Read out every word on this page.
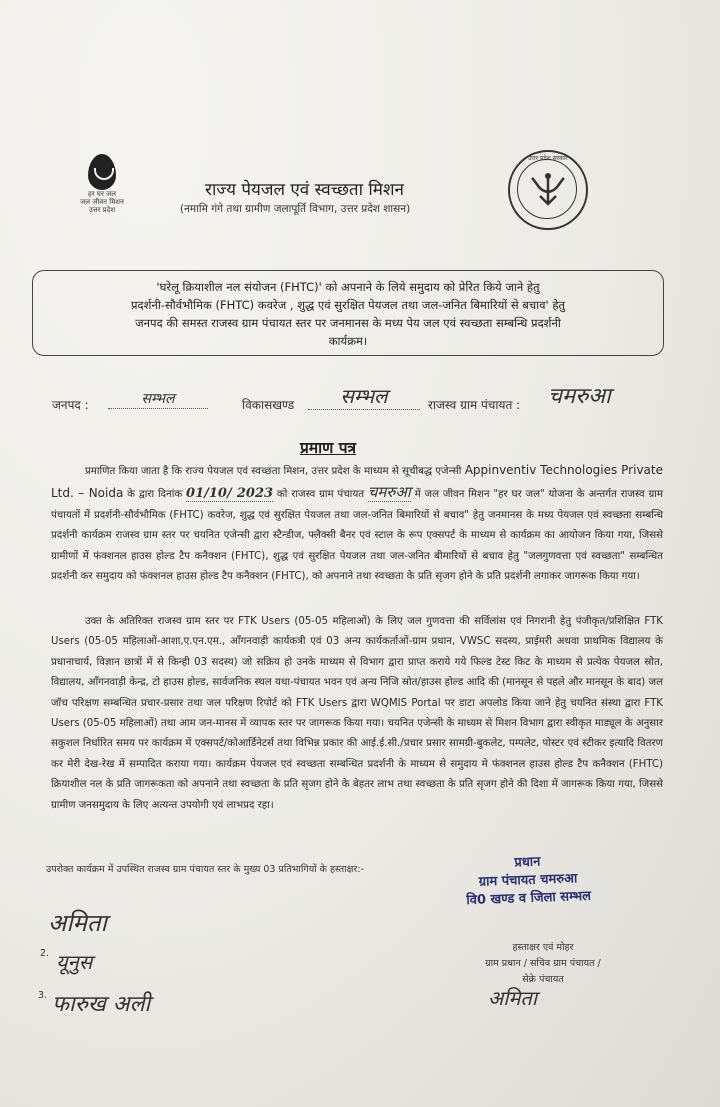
हर घर जल
जल जीवन मिशन
उत्तर प्रदेश
राज्य पेयजल एवं स्वच्छता मिशन
(नमामि गंगे तथा ग्रामीण जलापूर्ति विभाग, उत्तर प्रदेश शासन)
उत्तर प्रदेश सरकार
'घरेलू क्रियाशील नल संयोजन (FHTC)' को अपनाने के लिये समुदाय को प्रेरित किये जाने हेतु
प्रदर्शनी-सौर्वभौमिक (FHTC) कवरेज , शुद्ध एवं सुरक्षित पेयजल तथा जल-जनित बिमारियों से बचाव' हेतु
जनपद की समस्त राजस्व ग्राम पंचायत स्तर पर जनमानस के मध्य पेय जल एवं स्वच्छता सम्बन्धि प्रदर्शनी
कार्यक्रम।
जनपद :	सम्भल	विकासखण्ड	सम्भल	राजस्व ग्राम पंचायत : चमरुआ
प्रमाण पत्र

प्रमाणित किया जाता है कि राज्य पेयजल एवं स्वच्छता मिशन, उत्तर प्रदेश के माध्यम से सूचीबद्ध एजेन्सी Appinventiv Technologies Private Ltd. – Noida के द्वारा दिनांक 01/10/ 2023 को राजस्व ग्राम पंचायत चमरुआ में जल जीवन मिशन "हर घर जल" योजना के अन्तर्गत राजस्व ग्राम पंचायतों में प्रदर्शनी-सौर्वभौमिक (FHTC) कवरेज, शुद्ध एवं सुरक्षित पेयजल तथा जल-जनित बिमारियों से बचाव" हेतु जनमानस के मध्य पेयजल एवं स्वच्छता सम्बन्धि प्रदर्शनी कार्यक्रम राजस्व ग्राम स्तर पर चयनित एजेन्सी द्वारा स्टैन्डीज, फ्लैक्सी बैनर एवं स्टाल के रूप एक्सपर्ट के माध्यम से कार्यक्रम का आयोजन किया गया, जिससे ग्रामीणों में फंक्शनल हाउस होल्ड टैप कनैक्शन (FHTC), शुद्ध एवं सुरक्षित पेयजल तथा जल-जनित बीमारियों से बचाव हेतु "जलगुणवत्ता एवं स्वच्छता" सम्बन्धित प्रदर्शनी कर समुदाय को फंक्शनल हाउस होल्ड टैप कनैक्शन (FHTC), को अपनाने तथा स्वच्छता के प्रति सृजग होने के प्रति प्रदर्शनी लगाकर जागरूक किया गया।

उक्त के अतिरिक्त राजस्व ग्राम स्तर पर FTK Users (05-05 महिलाओं) के लिए जल गुणवत्ता की सर्विलांस एवं निगरानी हेतु पंजीकृत/प्रशिक्षित FTK Users (05-05 महिलाओं-आशा,ए.एन.एम., आँगनवाड़ी कार्यकत्री एवं 03 अन्य कार्यकर्ताओं-ग्राम प्रधान, VWSC सदस्य, प्राईमरी अथवा प्राथमिक विद्यालय के प्रधानाचार्य, विज्ञान छात्रों में से किन्ही 03 सदस्य) जो सक्रिय हो उनके माध्यम से विभाग द्वारा प्राप्त कराये गये फिल्ड टेस्ट किट के माध्यम से प्रत्येक पेयजल स्रोत, विद्यालय, आँगनवाड़ी केन्द्र, टो हाउस होल्ड, सार्वजनिक स्थल यथा-पंचायत भवन एवं अन्य निजि स्रोत/हाउस होल्ड आदि की (मानसून से पहले और मानसून के बाद) जल जॉच परिक्षण सम्बन्धित प्रचार-प्रसार तथा जल परिक्षण रिपोर्ट को FTK Users द्वारा WQMIS Portal पर डाटा अपलोड किया जाने हेतु चयनित संस्था द्वारा FTK Users (05-05 महिलाओं) तथा आम जन-मानस में व्यापक स्तर पर जागरूक किया गया। चयनित एजेन्सी के माध्यम से मिशन विभाग द्वारा स्वीकृत माड्यूल के अनुसार सकुशल निर्धारित समय पर कार्यक्रम में एक्सपर्ट/कोआर्डिनेटर्स तथा विभिन्न प्रकार की आई.ई.सी./प्रचार प्रसार सामग्री-बुकलेट, पम्पलेट, पोस्टर एवं स्टीकर इत्यादि वितरण कर मेरी देख-रेख में सम्पादित कराया गया। कार्यक्रम पेयजल एवं स्वच्छता सम्बन्धित प्रदर्शनी के माध्यम से समुदाय मे फंक्शनल हाउस होल्ड टैप कनैक्शन (FHTC) क्रियाशील नल के प्रति जागरूकता को अपनाने तथा स्वच्छता के प्रति सृजग होने के बेहतर लाभ तथा स्वच्छता के प्रति सृजग होने की दिशा में जागरूक किया गया, जिससे ग्रामीण जनसमुदाय के लिए अत्यन्त उपयोगी एवं लाभप्रद रहा।

उपरोक्त कार्यक्रम में उपस्थित राजस्व ग्राम पंचायत स्तर के मुख्य 03 प्रतिभागियों के हस्ताक्षर:-
अमिता
2. यूनुस
3. फारुख अली
प्रधान
ग्राम पंचायत चमरुआ
वि0 खण्ड व जिला सम्भल
हस्ताक्षर एवं मोहर
ग्राम प्रधान / सचिव ग्राम पंचायत /
सेक्रे पंचायत
अमिता
